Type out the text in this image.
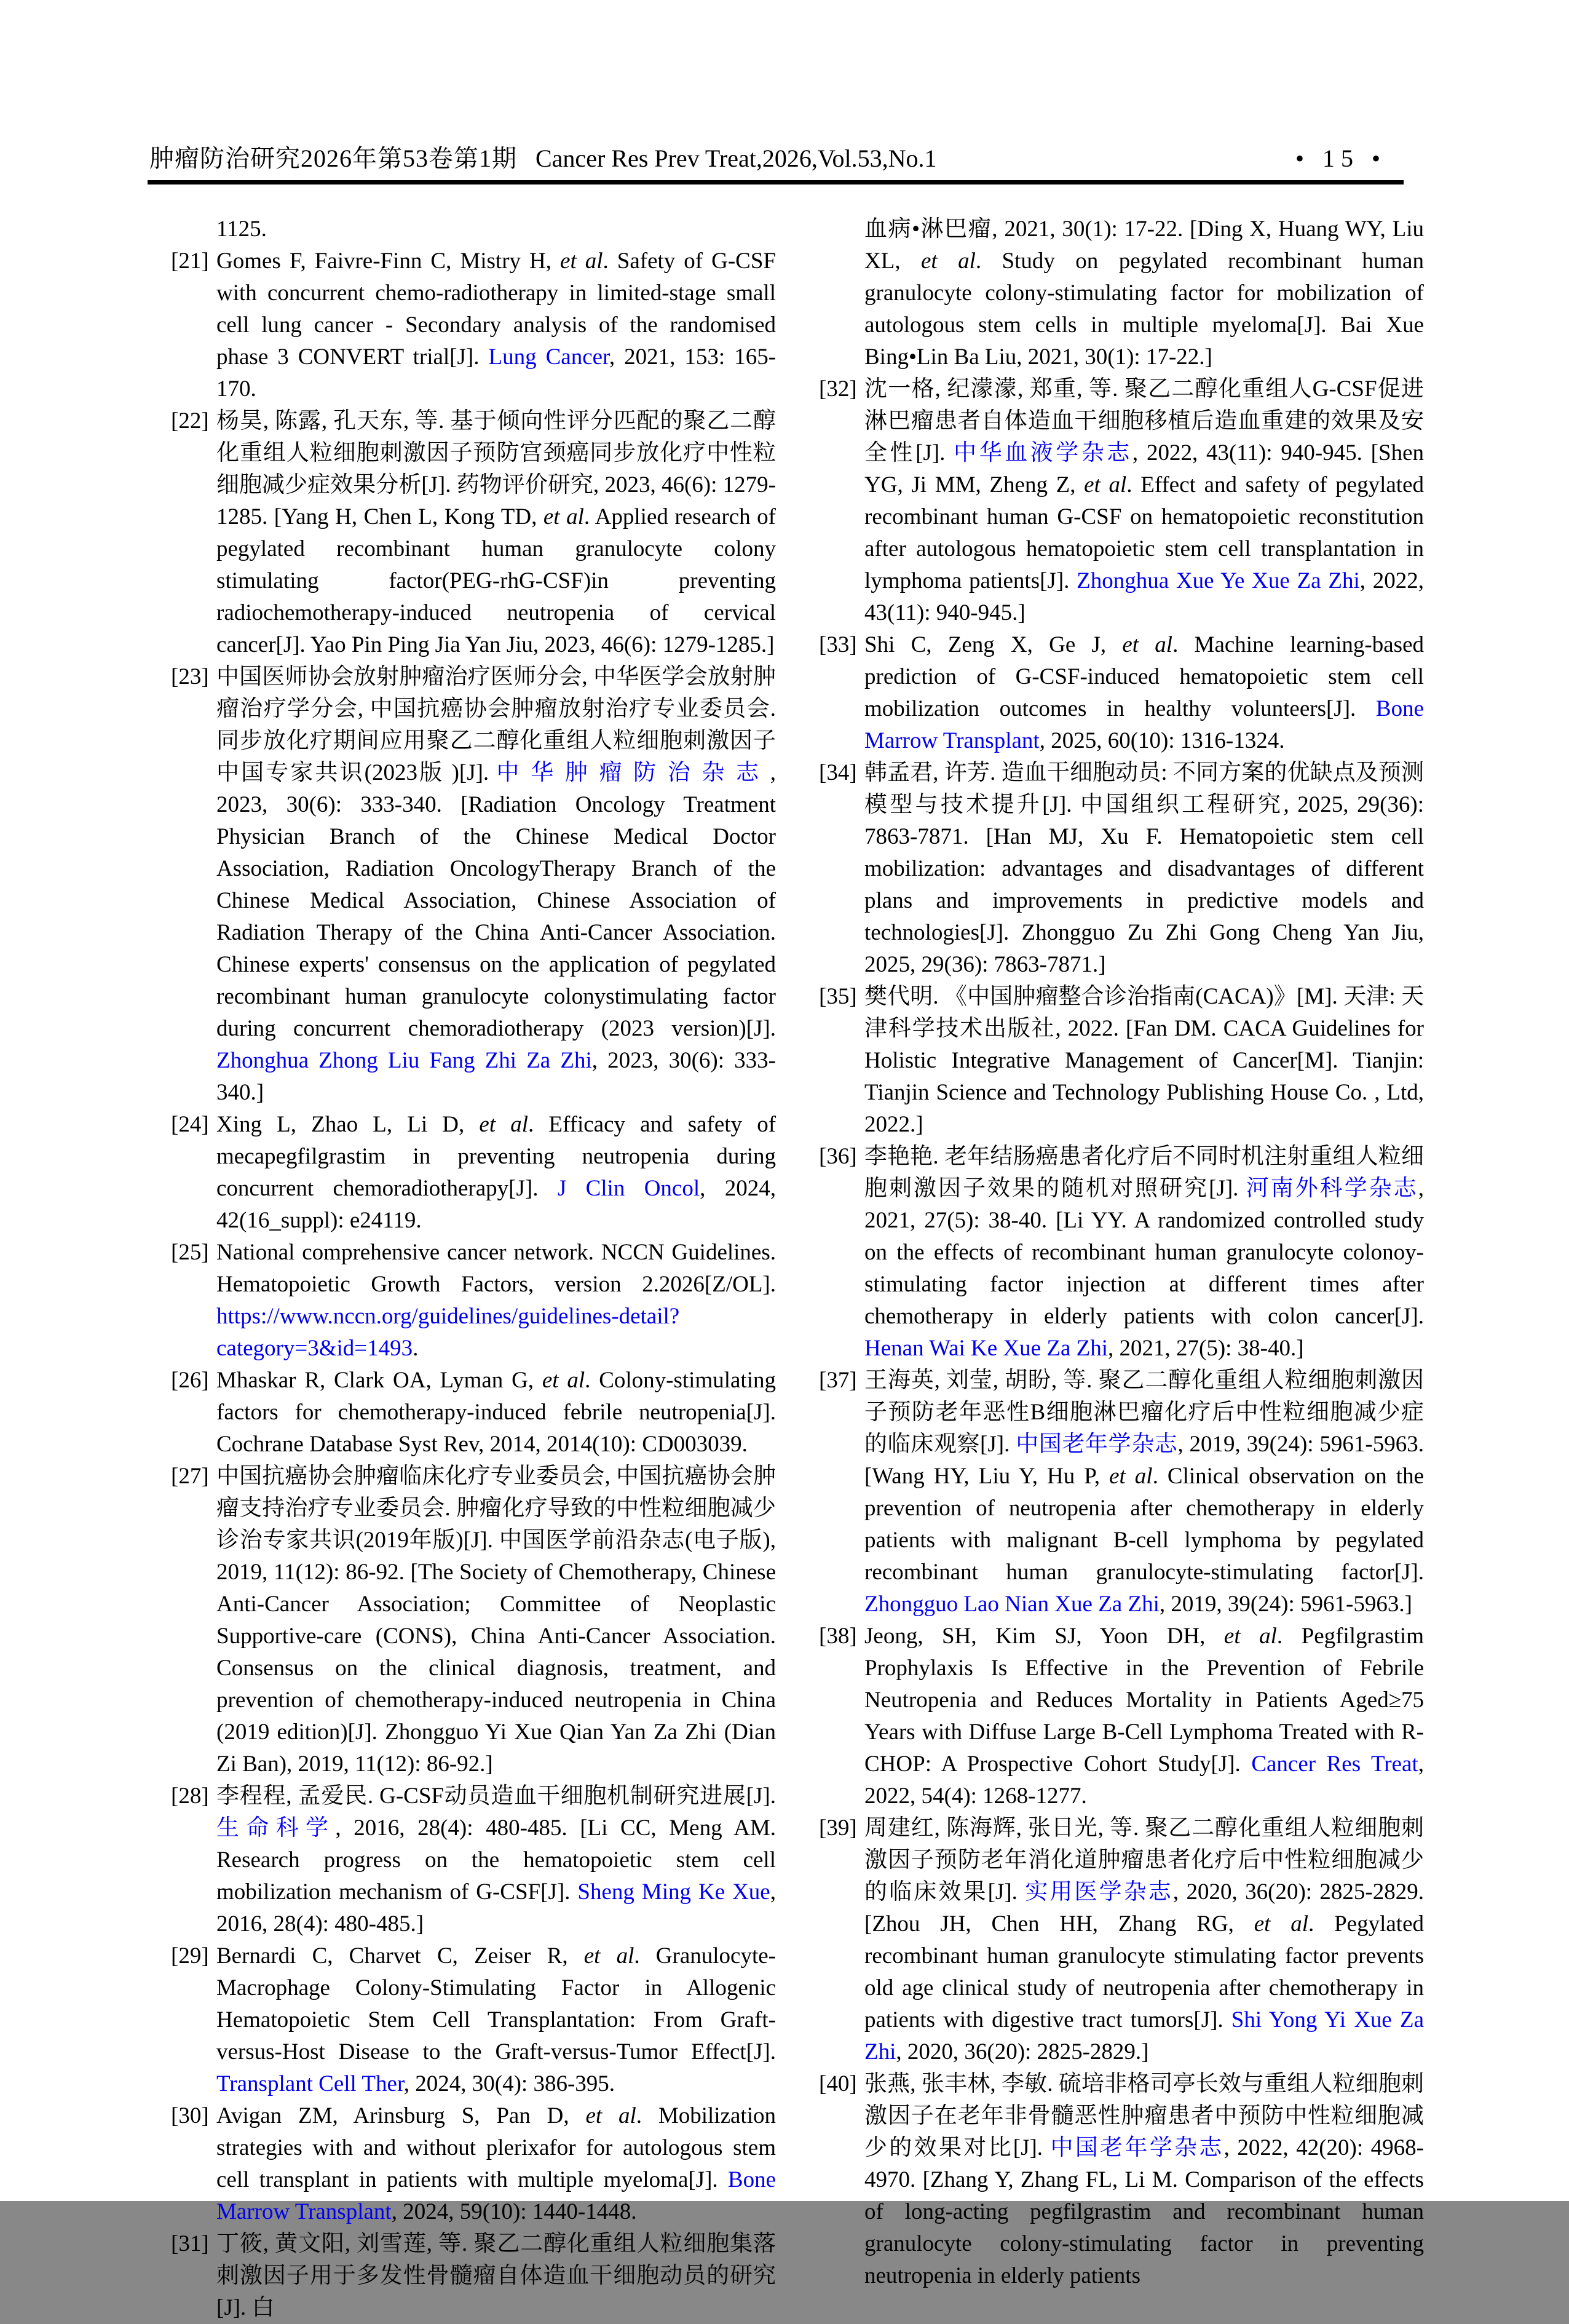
肿瘤防治研究2026年第53卷第1期 Cancer Res Prev Treat,2026,Vol.53,No.1	• 15 •
1125.
[21] Gomes F, Faivre-Finn C, Mistry H, et al. Safety of G-CSF with concurrent chemo-radiotherapy in limited-stage small cell lung cancer - Secondary analysis of the randomised phase 3 CONVERT trial[J]. Lung Cancer, 2021, 153: 165-170.
[22] 杨昊, 陈露, 孔天东, 等. 基于倾向性评分匹配的聚乙二醇化重组人粒细胞刺激因子预防宫颈癌同步放化疗中性粒细胞减少症效果分析[J]. 药物评价研究, 2023, 46(6): 1279-1285. [Yang H, Chen L, Kong TD, et al. Applied research of pegylated recombinant human granulocyte colony stimulating factor(PEG-rhG-CSF)in preventing radiochemotherapy-induced neutropenia of cervical cancer[J]. Yao Pin Ping Jia Yan Jiu, 2023, 46(6): 1279-1285.]
[23] 中国医师协会放射肿瘤治疗医师分会, 中华医学会放射肿瘤治疗学分会, 中国抗癌协会肿瘤放射治疗专业委员会. 同步放化疗期间应用聚乙二醇化重组人粒细胞刺激因子中国专家共识(2023版 )[J]. 中华肿瘤防治杂志, 2023, 30(6): 333-340. [Radiation Oncology Treatment Physician Branch of the Chinese Medical Doctor Association, Radiation OncologyTherapy Branch of the Chinese Medical Association, Chinese Association of Radiation Therapy of the China Anti-Cancer Association. Chinese experts' consensus on the application of pegylated recombinant human granulocyte colonystimulating factor during concurrent chemoradiotherapy (2023 version)[J]. Zhonghua Zhong Liu Fang Zhi Za Zhi, 2023, 30(6): 333-340.]
[24] Xing L, Zhao L, Li D, et al. Efficacy and safety of mecapegfilgrastim in preventing neutropenia during concurrent chemoradiotherapy[J]. J Clin Oncol, 2024, 42(16_suppl): e24119.
[25] National comprehensive cancer network. NCCN Guidelines. Hematopoietic Growth Factors, version 2.2026[Z/OL]. https://www.nccn.org/guidelines/guidelines-detail?category=3&id=1493.
[26] Mhaskar R, Clark OA, Lyman G, et al. Colony-stimulating factors for chemotherapy-induced febrile neutropenia[J]. Cochrane Database Syst Rev, 2014, 2014(10): CD003039.
[27] 中国抗癌协会肿瘤临床化疗专业委员会, 中国抗癌协会肿瘤支持治疗专业委员会. 肿瘤化疗导致的中性粒细胞减少诊治专家共识(2019年版)[J]. 中国医学前沿杂志(电子版), 2019, 11(12): 86-92. [The Society of Chemotherapy, Chinese Anti-Cancer Association; Committee of Neoplastic Supportive-care (CONS), China Anti-Cancer Association. Consensus on the clinical diagnosis, treatment, and prevention of chemotherapy-induced neutropenia in China (2019 edition)[J]. Zhongguo Yi Xue Qian Yan Za Zhi (Dian Zi Ban), 2019, 11(12): 86-92.]
[28] 李程程, 孟爱民. G-CSF动员造血干细胞机制研究进展[J]. 生命科学, 2016, 28(4): 480-485. [Li CC, Meng AM. Research progress on the hematopoietic stem cell mobilization mechanism of G-CSF[J]. Sheng Ming Ke Xue, 2016, 28(4): 480-485.]
[29] Bernardi C, Charvet C, Zeiser R, et al. Granulocyte-Macrophage Colony-Stimulating Factor in Allogenic Hematopoietic Stem Cell Transplantation: From Graft-versus-Host Disease to the Graft-versus-Tumor Effect[J]. Transplant Cell Ther, 2024, 30(4): 386-395.
[30] Avigan ZM, Arinsburg S, Pan D, et al. Mobilization strategies with and without plerixafor for autologous stem cell transplant in patients with multiple myeloma[J]. Bone Marrow Transplant, 2024, 59(10): 1440-1448.
[31] 丁筱, 黄文阳, 刘雪莲, 等. 聚乙二醇化重组人粒细胞集落刺激因子用于多发性骨髓瘤自体造血干细胞动员的研究[J]. 白
血病•淋巴瘤, 2021, 30(1): 17-22. [Ding X, Huang WY, Liu XL, et al. Study on pegylated recombinant human granulocyte colony-stimulating factor for mobilization of autologous stem cells in multiple myeloma[J]. Bai Xue Bing•Lin Ba Liu, 2021, 30(1): 17-22.]
[32] 沈一格, 纪濛濛, 郑重, 等. 聚乙二醇化重组人G-CSF促进淋巴瘤患者自体造血干细胞移植后造血重建的效果及安全性[J]. 中华血液学杂志, 2022, 43(11): 940-945. [Shen YG, Ji MM, Zheng Z, et al. Effect and safety of pegylated recombinant human G-CSF on hematopoietic reconstitution after autologous hematopoietic stem cell transplantation in lymphoma patients[J]. Zhonghua Xue Ye Xue Za Zhi, 2022, 43(11): 940-945.]
[33] Shi C, Zeng X, Ge J, et al. Machine learning-based prediction of G-CSF-induced hematopoietic stem cell mobilization outcomes in healthy volunteers[J]. Bone Marrow Transplant, 2025, 60(10): 1316-1324.
[34] 韩孟君, 许芳. 造血干细胞动员: 不同方案的优缺点及预测模型与技术提升[J]. 中国组织工程研究, 2025, 29(36): 7863-7871. [Han MJ, Xu F. Hematopoietic stem cell mobilization: advantages and disadvantages of different plans and improvements in predictive models and technologies[J]. Zhongguo Zu Zhi Gong Cheng Yan Jiu, 2025, 29(36): 7863-7871.]
[35] 樊代明. 《中国肿瘤整合诊治指南(CACA)》[M]. 天津: 天津科学技术出版社, 2022. [Fan DM. CACA Guidelines for Holistic Integrative Management of Cancer[M]. Tianjin: Tianjin Science and Technology Publishing House Co. , Ltd, 2022.]
[36] 李艳艳. 老年结肠癌患者化疗后不同时机注射重组人粒细胞刺激因子效果的随机对照研究[J]. 河南外科学杂志, 2021, 27(5): 38-40. [Li YY. A randomized controlled study on the effects of recombinant human granulocyte colonoy-stimulating factor injection at different times after chemotherapy in elderly patients with colon cancer[J]. Henan Wai Ke Xue Za Zhi, 2021, 27(5): 38-40.]
[37] 王海英, 刘莹, 胡盼, 等. 聚乙二醇化重组人粒细胞刺激因子预防老年恶性B细胞淋巴瘤化疗后中性粒细胞减少症的临床观察[J]. 中国老年学杂志, 2019, 39(24): 5961-5963. [Wang HY, Liu Y, Hu P, et al. Clinical observation on the prevention of neutropenia after chemotherapy in elderly patients with malignant B-cell lymphoma by pegylated recombinant human granulocyte-stimulating factor[J]. Zhongguo Lao Nian Xue Za Zhi, 2019, 39(24): 5961-5963.]
[38] Jeong, SH, Kim SJ, Yoon DH, et al. Pegfilgrastim Prophylaxis Is Effective in the Prevention of Febrile Neutropenia and Reduces Mortality in Patients Aged≥75 Years with Diffuse Large B-Cell Lymphoma Treated with R-CHOP: A Prospective Cohort Study[J]. Cancer Res Treat, 2022, 54(4): 1268-1277.
[39] 周建红, 陈海辉, 张日光, 等. 聚乙二醇化重组人粒细胞刺激因子预防老年消化道肿瘤患者化疗后中性粒细胞减少的临床效果[J]. 实用医学杂志, 2020, 36(20): 2825-2829. [Zhou JH, Chen HH, Zhang RG, et al. Pegylated recombinant human granulocyte stimulating factor prevents old age clinical study of neutropenia after chemotherapy in patients with digestive tract tumors[J]. Shi Yong Yi Xue Za Zhi, 2020, 36(20): 2825-2829.]
[40] 张燕, 张丰林, 李敏. 硫培非格司亭长效与重组人粒细胞刺激因子在老年非骨髓恶性肿瘤患者中预防中性粒细胞减少的效果对比[J]. 中国老年学杂志, 2022, 42(20): 4968-4970. [Zhang Y, Zhang FL, Li M. Comparison of the effects of long-acting pegfilgrastim and recombinant human granulocyte colony-stimulating factor in preventing neutropenia in elderly patients
